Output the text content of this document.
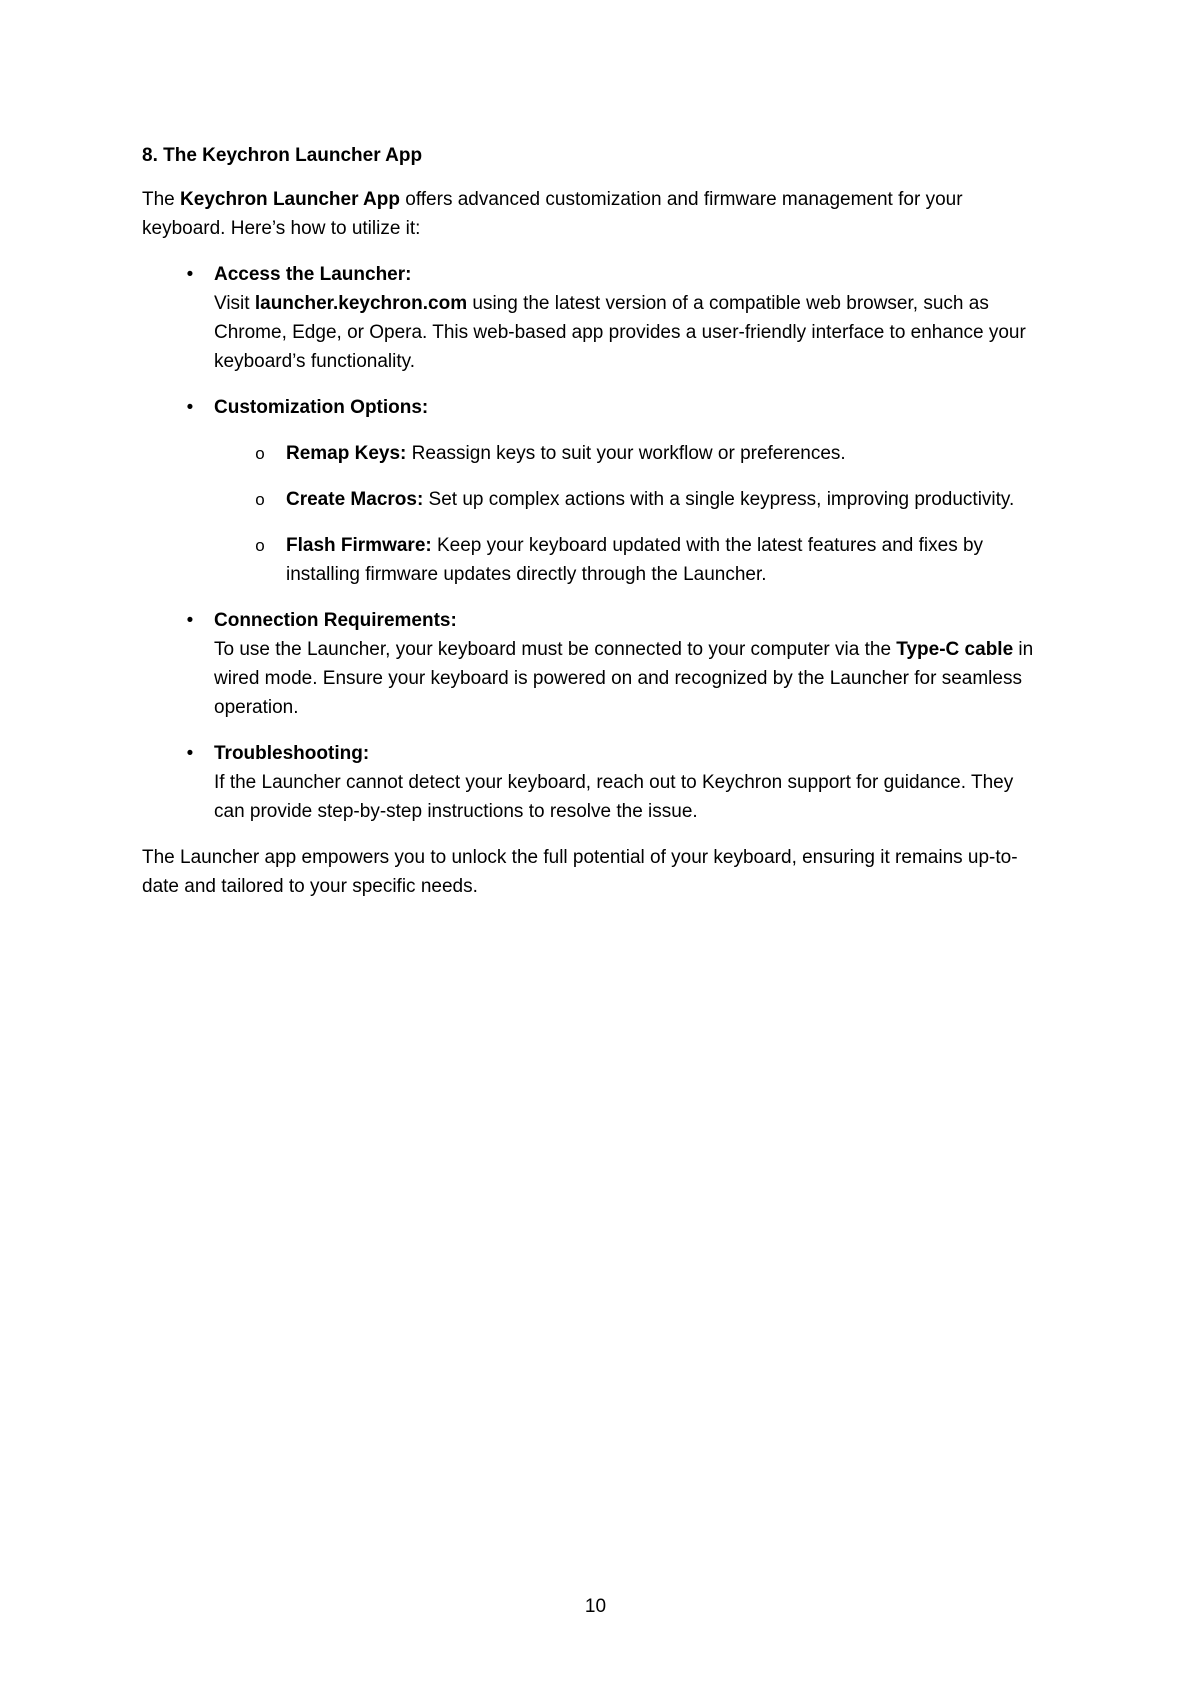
8. The Keychron Launcher App

The Keychron Launcher App offers advanced customization and firmware management for your keyboard. Here’s how to utilize it:

•	Access the Launcher:
Visit launcher.keychron.com using the latest version of a compatible web browser, such as Chrome, Edge, or Opera. This web-based app provides a user-friendly interface to enhance your keyboard’s functionality.
•	Customization Options:
o Remap Keys: Reassign keys to suit your workflow or preferences.
o Create Macros: Set up complex actions with a single keypress, improving productivity.
o Flash Firmware: Keep your keyboard updated with the latest features and fixes by installing firmware updates directly through the Launcher.
•	Connection Requirements:
To use the Launcher, your keyboard must be connected to your computer via the Type-C cable in wired mode. Ensure your keyboard is powered on and recognized by the Launcher for seamless operation.
•	Troubleshooting:
If the Launcher cannot detect your keyboard, reach out to Keychron support for guidance. They can provide step-by-step instructions to resolve the issue.

The Launcher app empowers you to unlock the full potential of your keyboard, ensuring it remains up-to-date and tailored to your specific needs.

10
